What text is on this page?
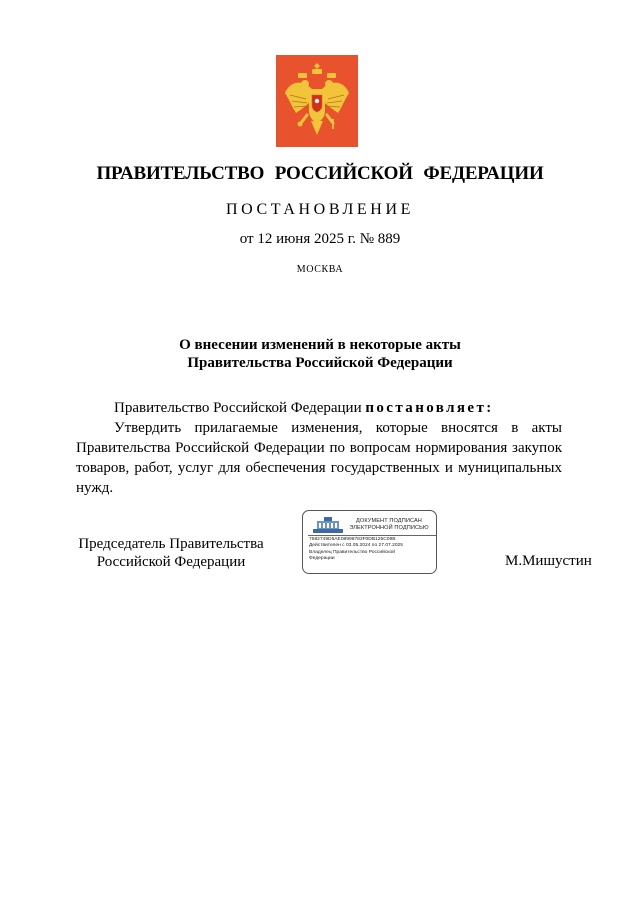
ПРАВИТЕЛЬСТВО РОССИЙСКОЙ ФЕДЕРАЦИИ
ПОСТАНОВЛЕНИЕ
от 12 июня 2025 г. № 889
МОСКВА
О внесении изменений в некоторые акты
Правительства Российской Федерации

Правительство Российской Федерации постановляет:

Утвердить прилагаемые изменения, которые вносятся в акты Правительства Российской Федерации по вопросам нормирования закупок товаров, работ, услуг для обеспечения государственных и муниципальных нужд.

Председатель Правительства
Российской Федерации
ДОКУМЕНТ ПОДПИСАН
ЭЛЕКТРОННОЙ ПОДПИСЬЮ
7582749D5AE08996783F0DB125C09B
Действителен с 03.05.2024 по 27.07.2025
Владелец Правительство Российской
Федерации	М.Мишустин
